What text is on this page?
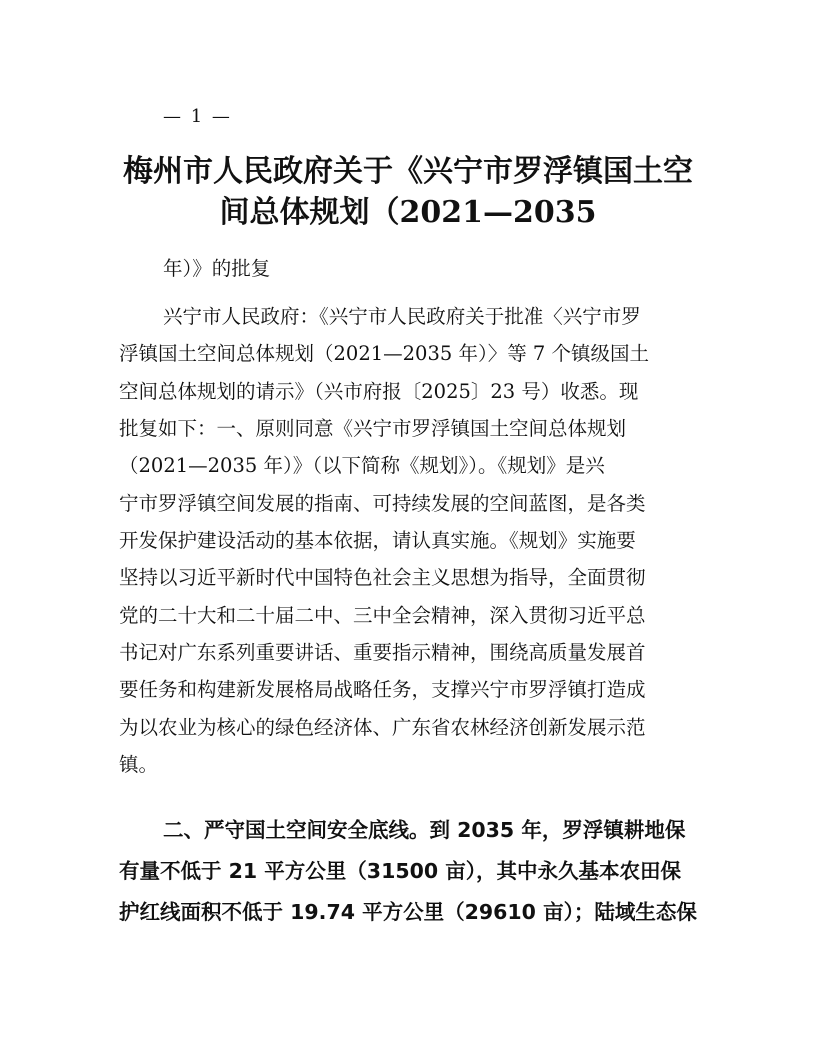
— 1 —
梅州市人民政府关于《兴宁市罗浮镇国土空
间总体规划（2021—2035
年）》的批复
兴宁市人民政府：《兴宁市人民政府关于批准〈兴宁市罗
浮镇国土空间总体规划（2021—2035 年）〉等 7 个镇级国土
空间总体规划的请示》（兴市府报〔2025〕23 号）收悉。现
批复如下：一、原则同意《兴宁市罗浮镇国土空间总体规划
（2021—2035 年）》（以下简称《规划》）。《规划》是兴
宁市罗浮镇空间发展的指南、可持续发展的空间蓝图，是各类
开发保护建设活动的基本依据，请认真实施。《规划》实施要
坚持以习近平新时代中国特色社会主义思想为指导，全面贯彻
党的二十大和二十届二中、三中全会精神，深入贯彻习近平总
书记对广东系列重要讲话、重要指示精神，围绕高质量发展首
要任务和构建新发展格局战略任务，支撑兴宁市罗浮镇打造成
为以农业为核心的绿色经济体、广东省农林经济创新发展示范
镇。
二、严守国土空间安全底线。到 2035 年，罗浮镇耕地保
有量不低于 21 平方公里（31500 亩），其中永久基本农田保
护红线面积不低于 19.74 平方公里（29610 亩）；陆域生态保
